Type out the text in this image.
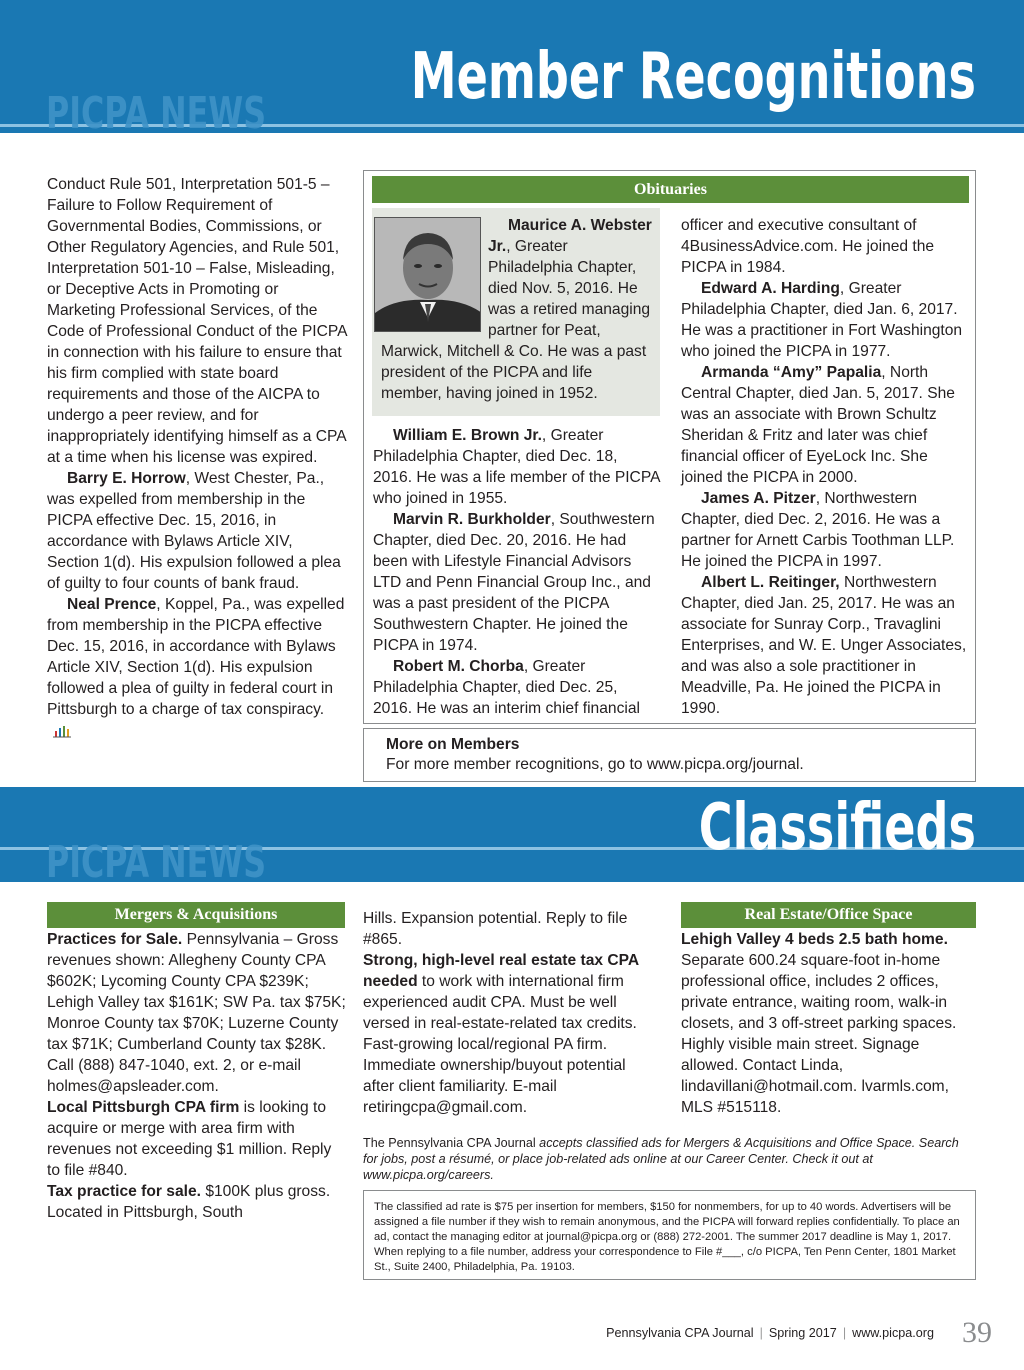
PICPA NEWS Member Recognitions

Conduct Rule 501, Interpretation 501-5 – Failure to Follow Requirement of Governmental Bodies, Commissions, or Other Regulatory Agencies, and Rule 501, Interpretation 501-10 – False, Misleading, or Deceptive Acts in Promoting or Marketing Professional Services, of the Code of Professional Conduct of the PICPA in connection with his failure to ensure that his firm complied with state board requirements and those of the AICPA to undergo a peer review, and for inappropriately identifying himself as a CPA at a time when his license was expired.

Barry E. Horrow, West Chester, Pa., was expelled from membership in the PICPA effective Dec. 15, 2016, in accordance with Bylaws Article XIV, Section 1(d). His expulsion followed a plea of guilty to four counts of bank fraud.

Neal Prence, Koppel, Pa., was expelled from membership in the PICPA effective Dec. 15, 2016, in accordance with Bylaws Article XIV, Section 1(d). His expulsion followed a plea of guilty in federal court in Pittsburgh to a charge of tax conspiracy.

Obituaries

Maurice A. Webster Jr., Greater Philadelphia Chapter, died Nov. 5, 2016. He was a retired managing partner for Peat,

Marwick, Mitchell & Co. He was a past president of the PICPA and life member, having joined in 1952.

William E. Brown Jr., Greater Philadelphia Chapter, died Dec. 18, 2016. He was a life member of the PICPA who joined in 1955.

Marvin R. Burkholder, Southwestern Chapter, died Dec. 20, 2016. He had been with Lifestyle Financial Advisors LTD and Penn Financial Group Inc., and was a past president of the PICPA Southwestern Chapter. He joined the PICPA in 1974.

Robert M. Chorba, Greater Philadelphia Chapter, died Dec. 25, 2016. He was an interim chief financial

officer and executive consultant of 4BusinessAdvice.com. He joined the PICPA in 1984.

Edward A. Harding, Greater Philadelphia Chapter, died Jan. 6, 2017. He was a practitioner in Fort Washington who joined the PICPA in 1977.

Armanda “Amy” Papalia, North Central Chapter, died Jan. 5, 2017. She was an associate with Brown Schultz Sheridan & Fritz and later was chief financial officer of EyeLock Inc. She joined the PICPA in 2000.

James A. Pitzer, Northwestern Chapter, died Dec. 2, 2016. He was a partner for Arnett Carbis Toothman LLP. He joined the PICPA in 1997.

Albert L. Reitinger, Northwestern Chapter, died Jan. 25, 2017. He was an associate for Sunray Corp., Travaglini Enterprises, and W. E. Unger Associates, and was also a sole practitioner in Meadville, Pa. He joined the PICPA in 1990.

More on Members
For more member recognitions, go to www.picpa.org/journal.
PICPA NEWS	Classifieds
Mergers & Acquisitions

Practices for Sale. Pennsylvania – Gross revenues shown: Allegheny County CPA $602K; Lycoming County CPA $239K; Lehigh Valley tax $161K; SW Pa. tax $75K; Monroe County tax $70K; Luzerne County tax $71K; Cumberland County tax $28K. Call (888) 847-1040, ext. 2, or e-mail holmes@apsleader.com.

Local Pittsburgh CPA firm is looking to acquire or merge with area firm with revenues not exceeding $1 million. Reply to file #840.

Tax practice for sale. $100K plus gross. Located in Pittsburgh, South

Hills. Expansion potential. Reply to file #865.

Strong, high-level real estate tax CPA needed to work with international firm experienced audit CPA. Must be well versed in real-estate-related tax credits. Fast-growing local/regional PA firm. Immediate ownership/buyout potential after client familiarity. E-mail retiringcpa@gmail.com.

Real Estate/Office Space

Lehigh Valley 4 beds 2.5 bath home. Separate 600.24 square-foot in-home professional office, includes 2 offices, private entrance, waiting room, walk-in closets, and 3 off-street parking spaces. Highly visible main street. Signage allowed. Contact Linda, lindavillani@hotmail.com. lvarmls.com, MLS #515118.

The Pennsylvania CPA Journal accepts classified ads for Mergers & Acquisitions and Office Space. Search for jobs, post a résumé, or place job-related ads online at our Career Center. Check it out at www.picpa.org/careers.

The classified ad rate is $75 per insertion for members, $150 for nonmembers, for up to 40 words. Advertisers will be assigned a file number if they wish to remain anonymous, and the PICPA will forward replies confidentially. To place an ad, contact the managing editor at journal@picpa.org or (888) 272-2001. The summer 2017 deadline is May 1, 2017. When replying to a file number, address your correspondence to File #___, c/o PICPA, Ten Penn Center, 1801 Market St., Suite 2400, Philadelphia, Pa. 19103.

Pennsylvania CPA Journal | Spring 2017 | www.picpa.org 39
